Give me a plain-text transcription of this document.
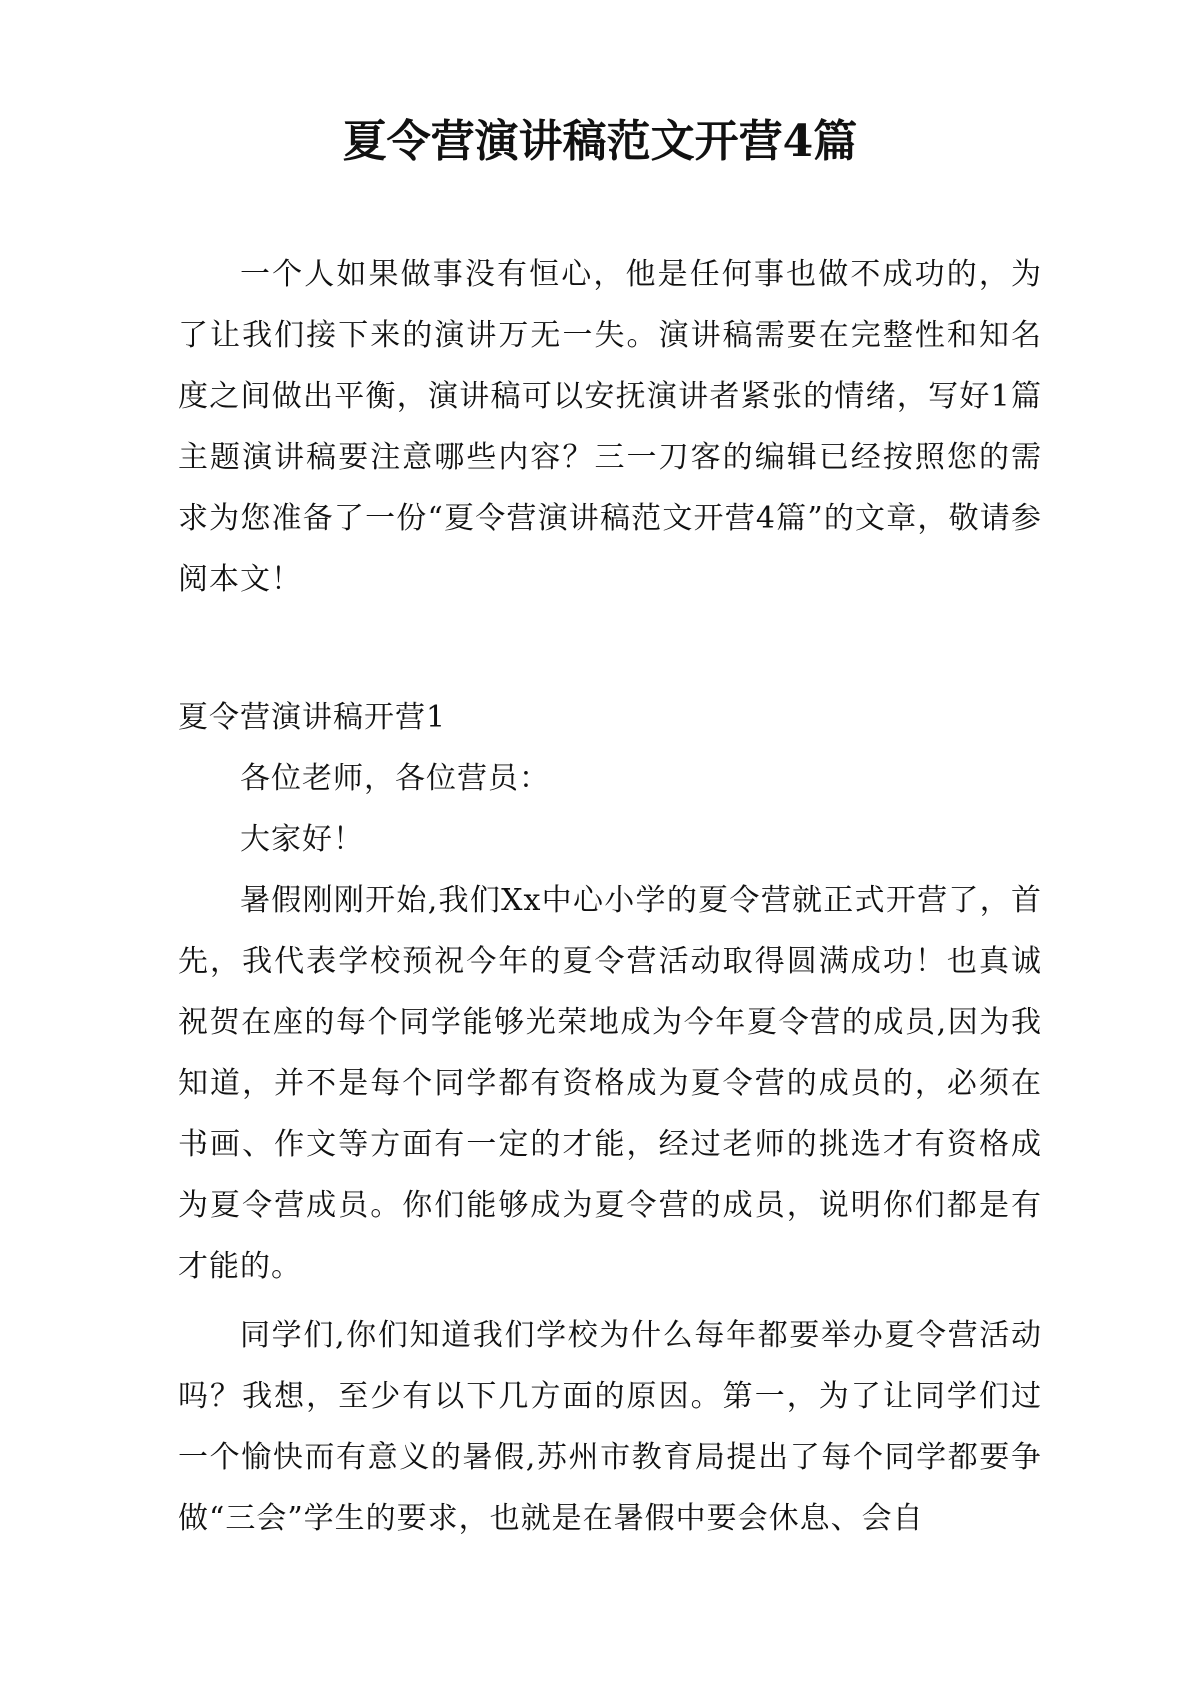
夏令营演讲稿范文开营4篇

一个人如果做事没有恒心，他是任何事也做不成功的，为了让我们接下来的演讲万无一失。演讲稿需要在完整性和知名度之间做出平衡，演讲稿可以安抚演讲者紧张的情绪，写好1篇主题演讲稿要注意哪些内容？三一刀客的编辑已经按照您的需求为您准备了一份“夏令营演讲稿范文开营4篇”的文章，敬请参阅本文！

夏令营演讲稿开营1

各位老师，各位营员：

大家好！

暑假刚刚开始,我们Xx中心小学的夏令营就正式开营了，首先，我代表学校预祝今年的夏令营活动取得圆满成功！也真诚祝贺在座的每个同学能够光荣地成为今年夏令营的成员,因为我知道，并不是每个同学都有资格成为夏令营的成员的，必须在书画、作文等方面有一定的才能，经过老师的挑选才有资格成为夏令营成员。你们能够成为夏令营的成员，说明你们都是有才能的。

同学们,你们知道我们学校为什么每年都要举办夏令营活动吗？我想，至少有以下几方面的原因。第一，为了让同学们过一个愉快而有意义的暑假,苏州市教育局提出了每个同学都要争做“三会”学生的要求，也就是在暑假中要会休息、会自
